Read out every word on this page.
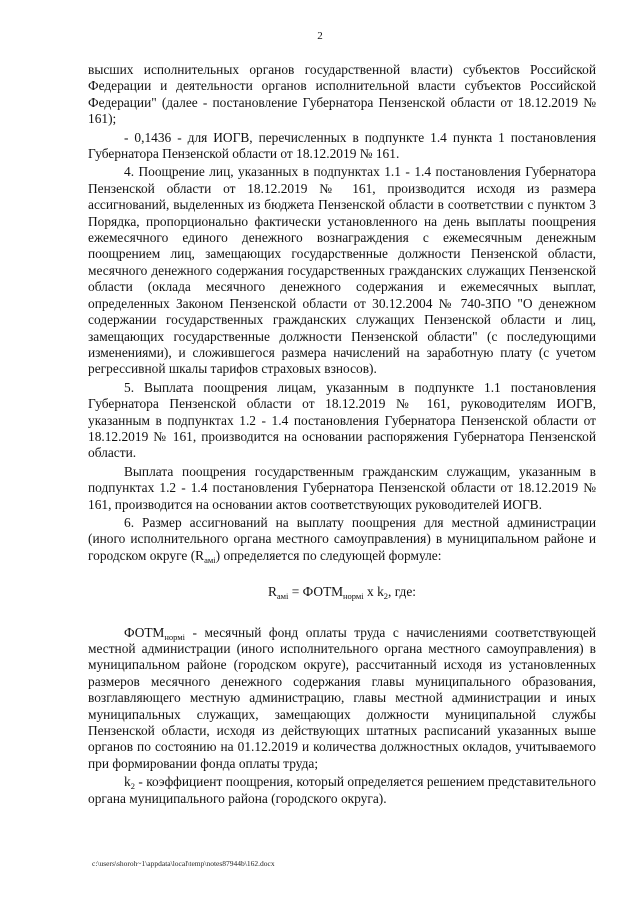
2

высших исполнительных органов государственной власти) субъектов Российской Федерации и деятельности органов исполнительной власти субъектов Российской Федерации" (далее - постановление Губернатора Пензенской области от 18.12.2019 № 161);

- 0,1436 - для ИОГВ, перечисленных в подпункте 1.4 пункта 1 постановления Губернатора Пензенской области от 18.12.2019 № 161.

4. Поощрение лиц, указанных в подпунктах 1.1 - 1.4 постановления Губернатора Пензенской области от 18.12.2019 № 161, производится исходя из размера ассигнований, выделенных из бюджета Пензенской области в соответствии с пунктом 3 Порядка, пропорционально фактически установленного на день выплаты поощрения ежемесячного единого денежного вознаграждения с ежемесячным денежным поощрением лиц, замещающих государственные должности Пензенской области, месячного денежного содержания государственных гражданских служащих Пензенской области (оклада месячного денежного содержания и ежемесячных выплат, определенных Законом Пензенской области от 30.12.2004 № 740-ЗПО "О денежном содержании государственных гражданских служащих Пензенской области и лиц, замещающих государственные должности Пензенской области" (с последующими изменениями), и сложившегося размера начислений на заработную плату (с учетом регрессивной шкалы тарифов страховых взносов).

5. Выплата поощрения лицам, указанным в подпункте 1.1 постановления Губернатора Пензенской области от 18.12.2019 № 161, руководителям ИОГВ, указанным в подпунктах 1.2 - 1.4 постановления Губернатора Пензенской области от 18.12.2019 № 161, производится на основании распоряжения Губернатора Пензенской области.

Выплата поощрения государственным гражданским служащим, указанным в подпунктах 1.2 - 1.4 постановления Губернатора Пензенской области от 18.12.2019 № 161, производится на основании актов соответствующих руководителей ИОГВ.

6. Размер ассигнований на выплату поощрения для местной администрации (иного исполнительного органа местного самоуправления) в муниципальном районе и городском округе $(R_{амi})$ определяется по следующей формуле:

$R_{амi}$ = $ФОТМ_{нормi}$ x $k_2$, где:

$ФОТМ_{нормi}$ - месячный фонд оплаты труда с начислениями соответствующей местной администрации (иного исполнительного органа местного самоуправления) в муниципальном районе (городском округе), рассчитанный исходя из установленных размеров месячного денежного содержания главы муниципального образования, возглавляющего местную администрацию, главы местной администрации и иных муниципальных служащих, замещающих должности муниципальной службы Пензенской области, исходя из действующих штатных расписаний указанных выше органов по состоянию на 01.12.2019 и количества должностных окладов, учитываемого при формировании фонда оплаты труда;

$k_2$ - коэффициент поощрения, который определяется решением представительного органа муниципального района (городского округа).

c:\users\shoroh~1\appdata\local\temp\notes87944b\162.docx
